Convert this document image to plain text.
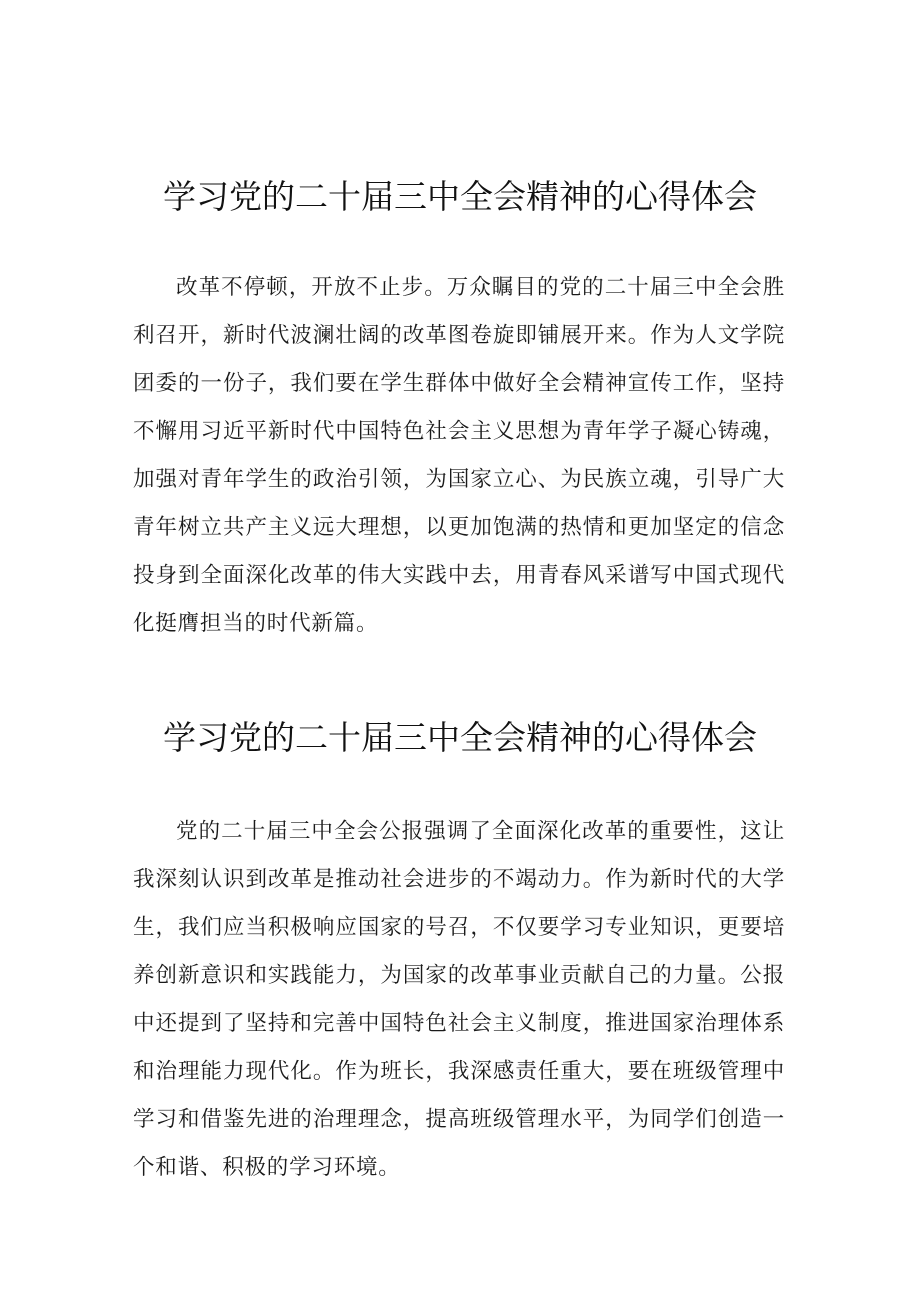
学习党的二十届三中全会精神的心得体会

改革不停顿，开放不止步。万众瞩目的党的二十届三中全会胜利召开，新时代波澜壮阔的改革图卷旋即铺展开来。作为人文学院团委的一份子，我们要在学生群体中做好全会精神宣传工作，坚持不懈用习近平新时代中国特色社会主义思想为青年学子凝心铸魂，加强对青年学生的政治引领，为国家立心、为民族立魂，引导广大青年树立共产主义远大理想，以更加饱满的热情和更加坚定的信念投身到全面深化改革的伟大实践中去，用青春风采谱写中国式现代化挺膺担当的时代新篇。

学习党的二十届三中全会精神的心得体会

党的二十届三中全会公报强调了全面深化改革的重要性，这让我深刻认识到改革是推动社会进步的不竭动力。作为新时代的大学生，我们应当积极响应国家的号召，不仅要学习专业知识，更要培养创新意识和实践能力，为国家的改革事业贡献自己的力量。公报中还提到了坚持和完善中国特色社会主义制度，推进国家治理体系和治理能力现代化。作为班长，我深感责任重大，要在班级管理中学习和借鉴先进的治理理念，提高班级管理水平，为同学们创造一个和谐、积极的学习环境。
